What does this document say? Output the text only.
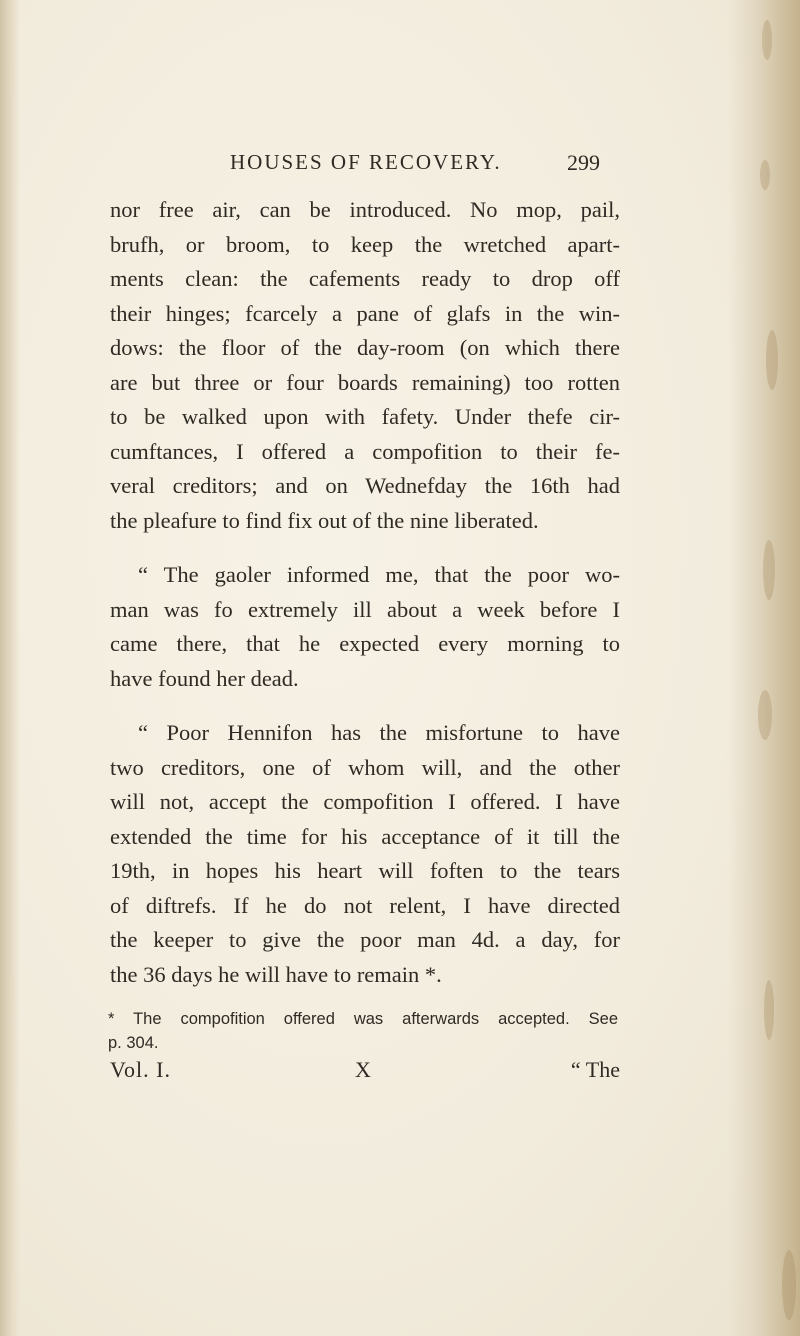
HOUSES OF RECOVERY.	299
nor free air, can be introduced. No mop, pail,
brufh, or broom, to keep the wretched apart-
ments clean: the cafements ready to drop off
their hinges; fcarcely a pane of glafs in the win-
dows: the floor of the day-room (on which there
are but three or four boards remaining) too rotten
to be walked upon with fafety. Under thefe cir-
cumftances, I offered a compofition to their fe-
veral creditors; and on Wednefday the 16th had
the pleafure to find fix out of the nine liberated.
“ The gaoler informed me, that the poor wo-
man was fo extremely ill about a week before I
came there, that he expected every morning to
have found her dead.
“ Poor Hennifon has the misfortune to have
two creditors, one of whom will, and the other
will not, accept the compofition I offered. I have
extended the time for his acceptance of it till the
19th, in hopes his heart will foften to the tears
of diftrefs. If he do not relent, I have directed
the keeper to give the poor man 4d. a day, for
the 36 days he will have to remain *.
* The compofition offered was afterwards accepted. See
p. 304.
Vol. I.	X	“ The
